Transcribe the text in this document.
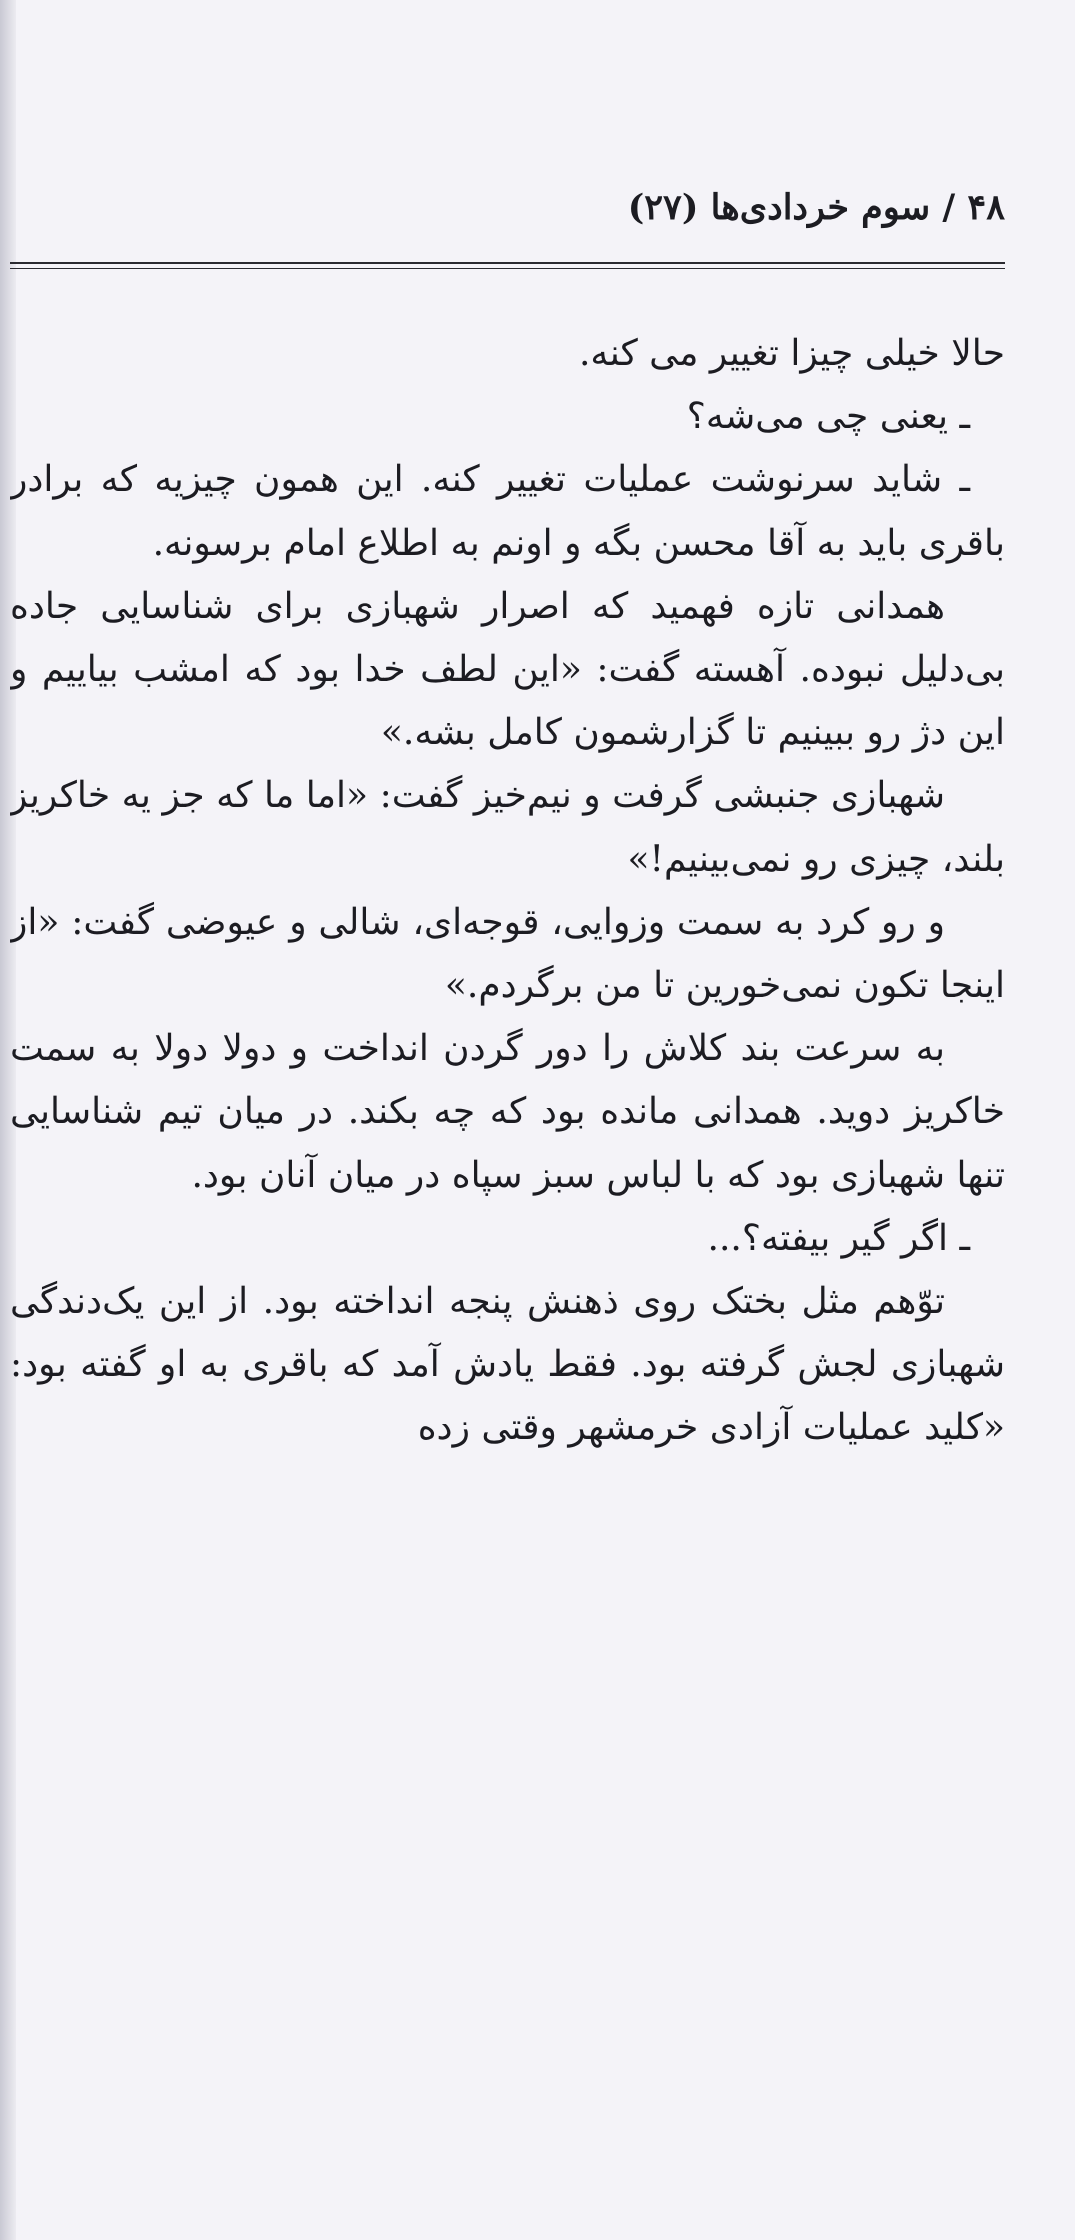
۴۸ / سوم خردادی‌ها (۲۷)

حالا خیلی چیزا تغییر می کنه.

ـ یعنی چی می‌شه؟

ـ شاید سرنوشت عملیات تغییر کنه. این همون چیزیه که برادر باقری باید به آقا محسن بگه و اونم به اطلاع امام برسونه.

همدانی تازه فهمید که اصرار شهبازی برای شناسایی جاده بی‌دلیل نبوده. آهسته گفت: «این لطف خدا بود که امشب بیاییم و این دژ رو ببینیم تا گزارشمون کامل بشه.»

شهبازی جنبشی گرفت و نیم‌خیز گفت: «اما ما که جز یه خاکریز بلند، چیزی رو نمی‌بینیم!»

و رو کرد به سمت وزوایی، قوجه‌ای، شالی و عیوضی گفت: «از اینجا تکون نمی‌خورین تا من برگردم.»

به سرعت بند کلاش را دور گردن انداخت و دولا دولا به سمت خاکریز دوید. همدانی مانده بود که چه بکند. در میان تیم شناسایی تنها شهبازی بود که با لباس سبز سپاه در میان آنان بود.

ـ اگر گیر بیفته؟...

توّهم مثل بختک روی ذهنش پنجه انداخته بود. از این یک‌دندگی شهبازی لجش گرفته بود. فقط یادش آمد که باقری به او گفته بود: «کلید عملیات آزادی خرمشهر وقتی زده
